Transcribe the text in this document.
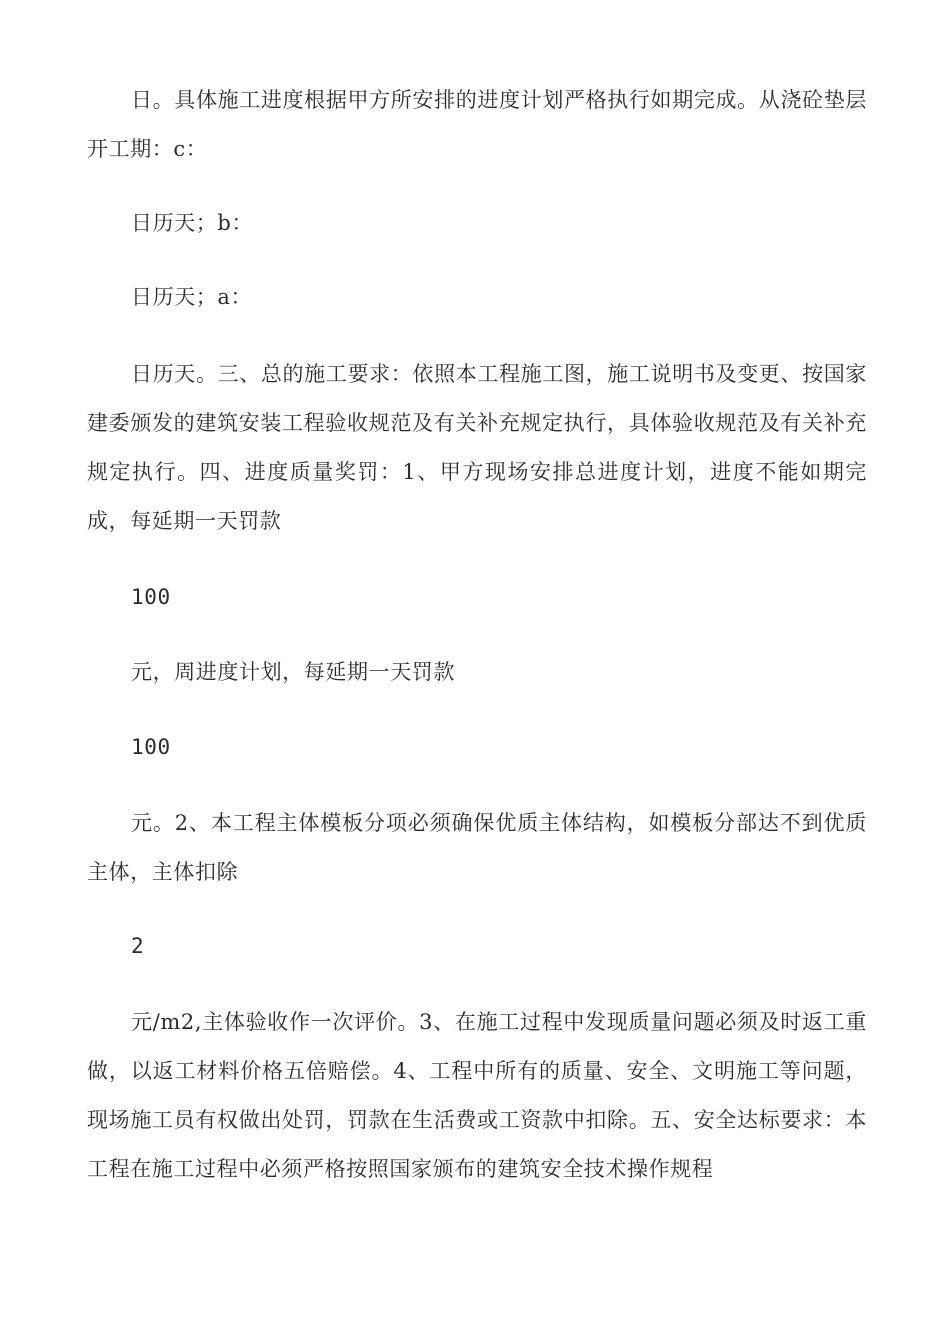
日。具体施工进度根据甲方所安排的进度计划严格执行如期完成。从浇砼垫层开工期：c：

日历天；b：

日历天；a：

日历天。三、总的施工要求：依照本工程施工图，施工说明书及变更、按国家建委颁发的建筑安装工程验收规范及有关补充规定执行，具体验收规范及有关补充规定执行。四、进度质量奖罚：1、甲方现场安排总进度计划，进度不能如期完成，每延期一天罚款

100

元，周进度计划，每延期一天罚款

100

元。2、本工程主体模板分项必须确保优质主体结构，如模板分部达不到优质主体，主体扣除

2

元/m2,主体验收作一次评价。3、在施工过程中发现质量问题必须及时返工重做，以返工材料价格五倍赔偿。4、工程中所有的质量、安全、文明施工等问题，现场施工员有权做出处罚，罚款在生活费或工资款中扣除。五、安全达标要求：本工程在施工过程中必须严格按照国家颁布的建筑安全技术操作规程
